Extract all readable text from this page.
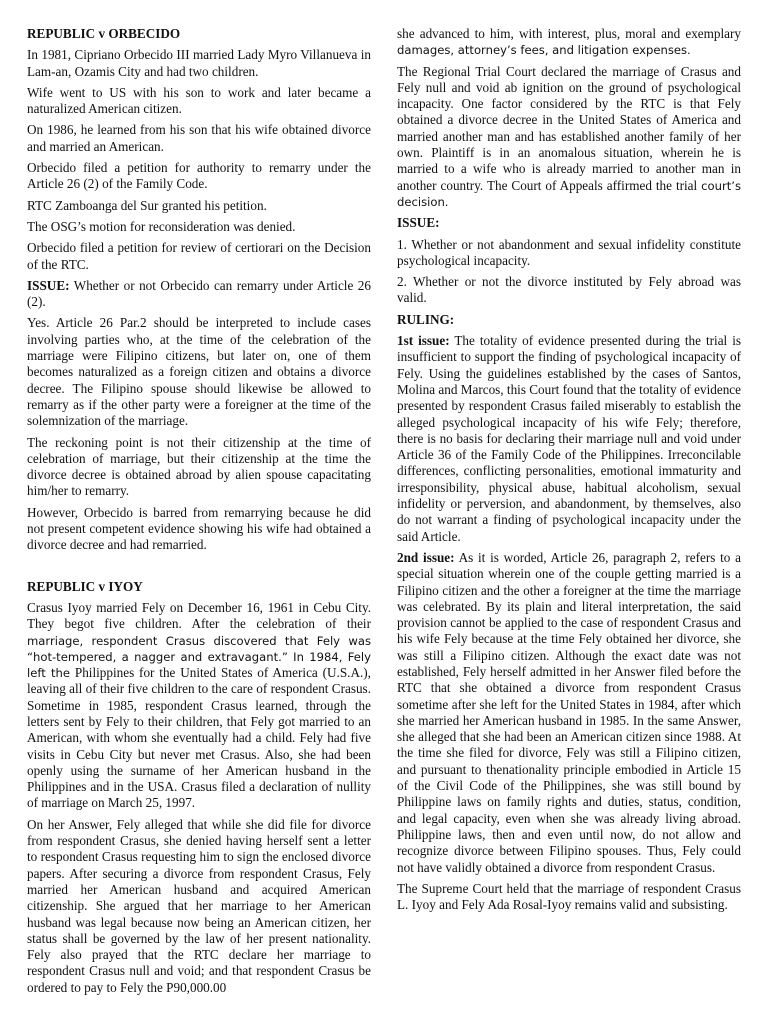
REPUBLIC v ORBECIDO

In 1981, Cipriano Orbecido III married Lady Myro Villanueva in Lam-an, Ozamis City and had two children.

Wife went to US with his son to work and later became a naturalized American citizen.

On 1986, he learned from his son that his wife obtained divorce and married an American.

Orbecido filed a petition for authority to remarry under the Article 26 (2) of the Family Code.

RTC Zamboanga del Sur granted his petition.

The OSG’s motion for reconsideration was denied.

Orbecido filed a petition for review of certiorari on the Decision of the RTC.

ISSUE: Whether or not Orbecido can remarry under Article 26 (2).

Yes. Article 26 Par.2 should be interpreted to include cases involving parties who, at the time of the celebration of the marriage were Filipino citizens, but later on, one of them becomes naturalized as a foreign citizen and obtains a divorce decree. The Filipino spouse should likewise be allowed to remarry as if the other party were a foreigner at the time of the solemnization of the marriage.

The reckoning point is not their citizenship at the time of celebration of marriage, but their citizenship at the time the divorce decree is obtained abroad by alien spouse capacitating him/her to remarry.

However, Orbecido is barred from remarrying because he did not present competent evidence showing his wife had obtained a divorce decree and had remarried.

REPUBLIC v IYOY

Crasus Iyoy married Fely on December 16, 1961 in Cebu City. They begot five children. After the celebration of their marriage, respondent Crasus discovered that Fely was “hot-tempered, a nagger and extravagant.” In 1984, Fely left the Philippines for the United States of America (U.S.A.), leaving all of their five children to the care of respondent Crasus. Sometime in 1985, respondent Crasus learned, through the letters sent by Fely to their children, that Fely got married to an American, with whom she eventually had a child. Fely had five visits in Cebu City but never met Crasus. Also, she had been openly using the surname of her American husband in the Philippines and in the USA. Crasus filed a declaration of nullity of marriage on March 25, 1997.

On her Answer, Fely alleged that while she did file for divorce from respondent Crasus, she denied having herself sent a letter to respondent Crasus requesting him to sign the enclosed divorce papers. After securing a divorce from respondent Crasus, Fely married her American husband and acquired American citizenship. She argued that her marriage to her American husband was legal because now being an American citizen, her status shall be governed by the law of her present nationality. Fely also prayed that the RTC declare her marriage to respondent Crasus null and void; and that respondent Crasus be ordered to pay to Fely the P90,000.00

she advanced to him, with interest, plus, moral and exemplary damages, attorney’s fees, and litigation expenses.

The Regional Trial Court declared the marriage of Crasus and Fely null and void ab ignition on the ground of psychological incapacity. One factor considered by the RTC is that Fely obtained a divorce decree in the United States of America and married another man and has established another family of her own. Plaintiff is in an anomalous situation, wherein he is married to a wife who is already married to another man in another country. The Court of Appeals affirmed the trial court’s decision.

ISSUE:

1. Whether or not abandonment and sexual infidelity constitute psychological incapacity.

2. Whether or not the divorce instituted by Fely abroad was valid.

RULING:

1st issue: The totality of evidence presented during the trial is insufficient to support the finding of psychological incapacity of Fely. Using the guidelines established by the cases of Santos, Molina and Marcos, this Court found that the totality of evidence presented by respondent Crasus failed miserably to establish the alleged psychological incapacity of his wife Fely; therefore, there is no basis for declaring their marriage null and void under Article 36 of the Family Code of the Philippines. Irreconcilable differences, conflicting personalities, emotional immaturity and irresponsibility, physical abuse, habitual alcoholism, sexual infidelity or perversion, and abandonment, by themselves, also do not warrant a finding of psychological incapacity under the said Article.

2nd issue: As it is worded, Article 26, paragraph 2, refers to a special situation wherein one of the couple getting married is a Filipino citizen and the other a foreigner at the time the marriage was celebrated. By its plain and literal interpretation, the said provision cannot be applied to the case of respondent Crasus and his wife Fely because at the time Fely obtained her divorce, she was still a Filipino citizen. Although the exact date was not established, Fely herself admitted in her Answer filed before the RTC that she obtained a divorce from respondent Crasus sometime after she left for the United States in 1984, after which she married her American husband in 1985. In the same Answer, she alleged that she had been an American citizen since 1988. At the time she filed for divorce, Fely was still a Filipino citizen, and pursuant to thenationality principle embodied in Article 15 of the Civil Code of the Philippines, she was still bound by Philippine laws on family rights and duties, status, condition, and legal capacity, even when she was already living abroad. Philippine laws, then and even until now, do not allow and recognize divorce between Filipino spouses. Thus, Fely could not have validly obtained a divorce from respondent Crasus.

The Supreme Court held that the marriage of respondent Crasus L. Iyoy and Fely Ada Rosal-Iyoy remains valid and subsisting.
